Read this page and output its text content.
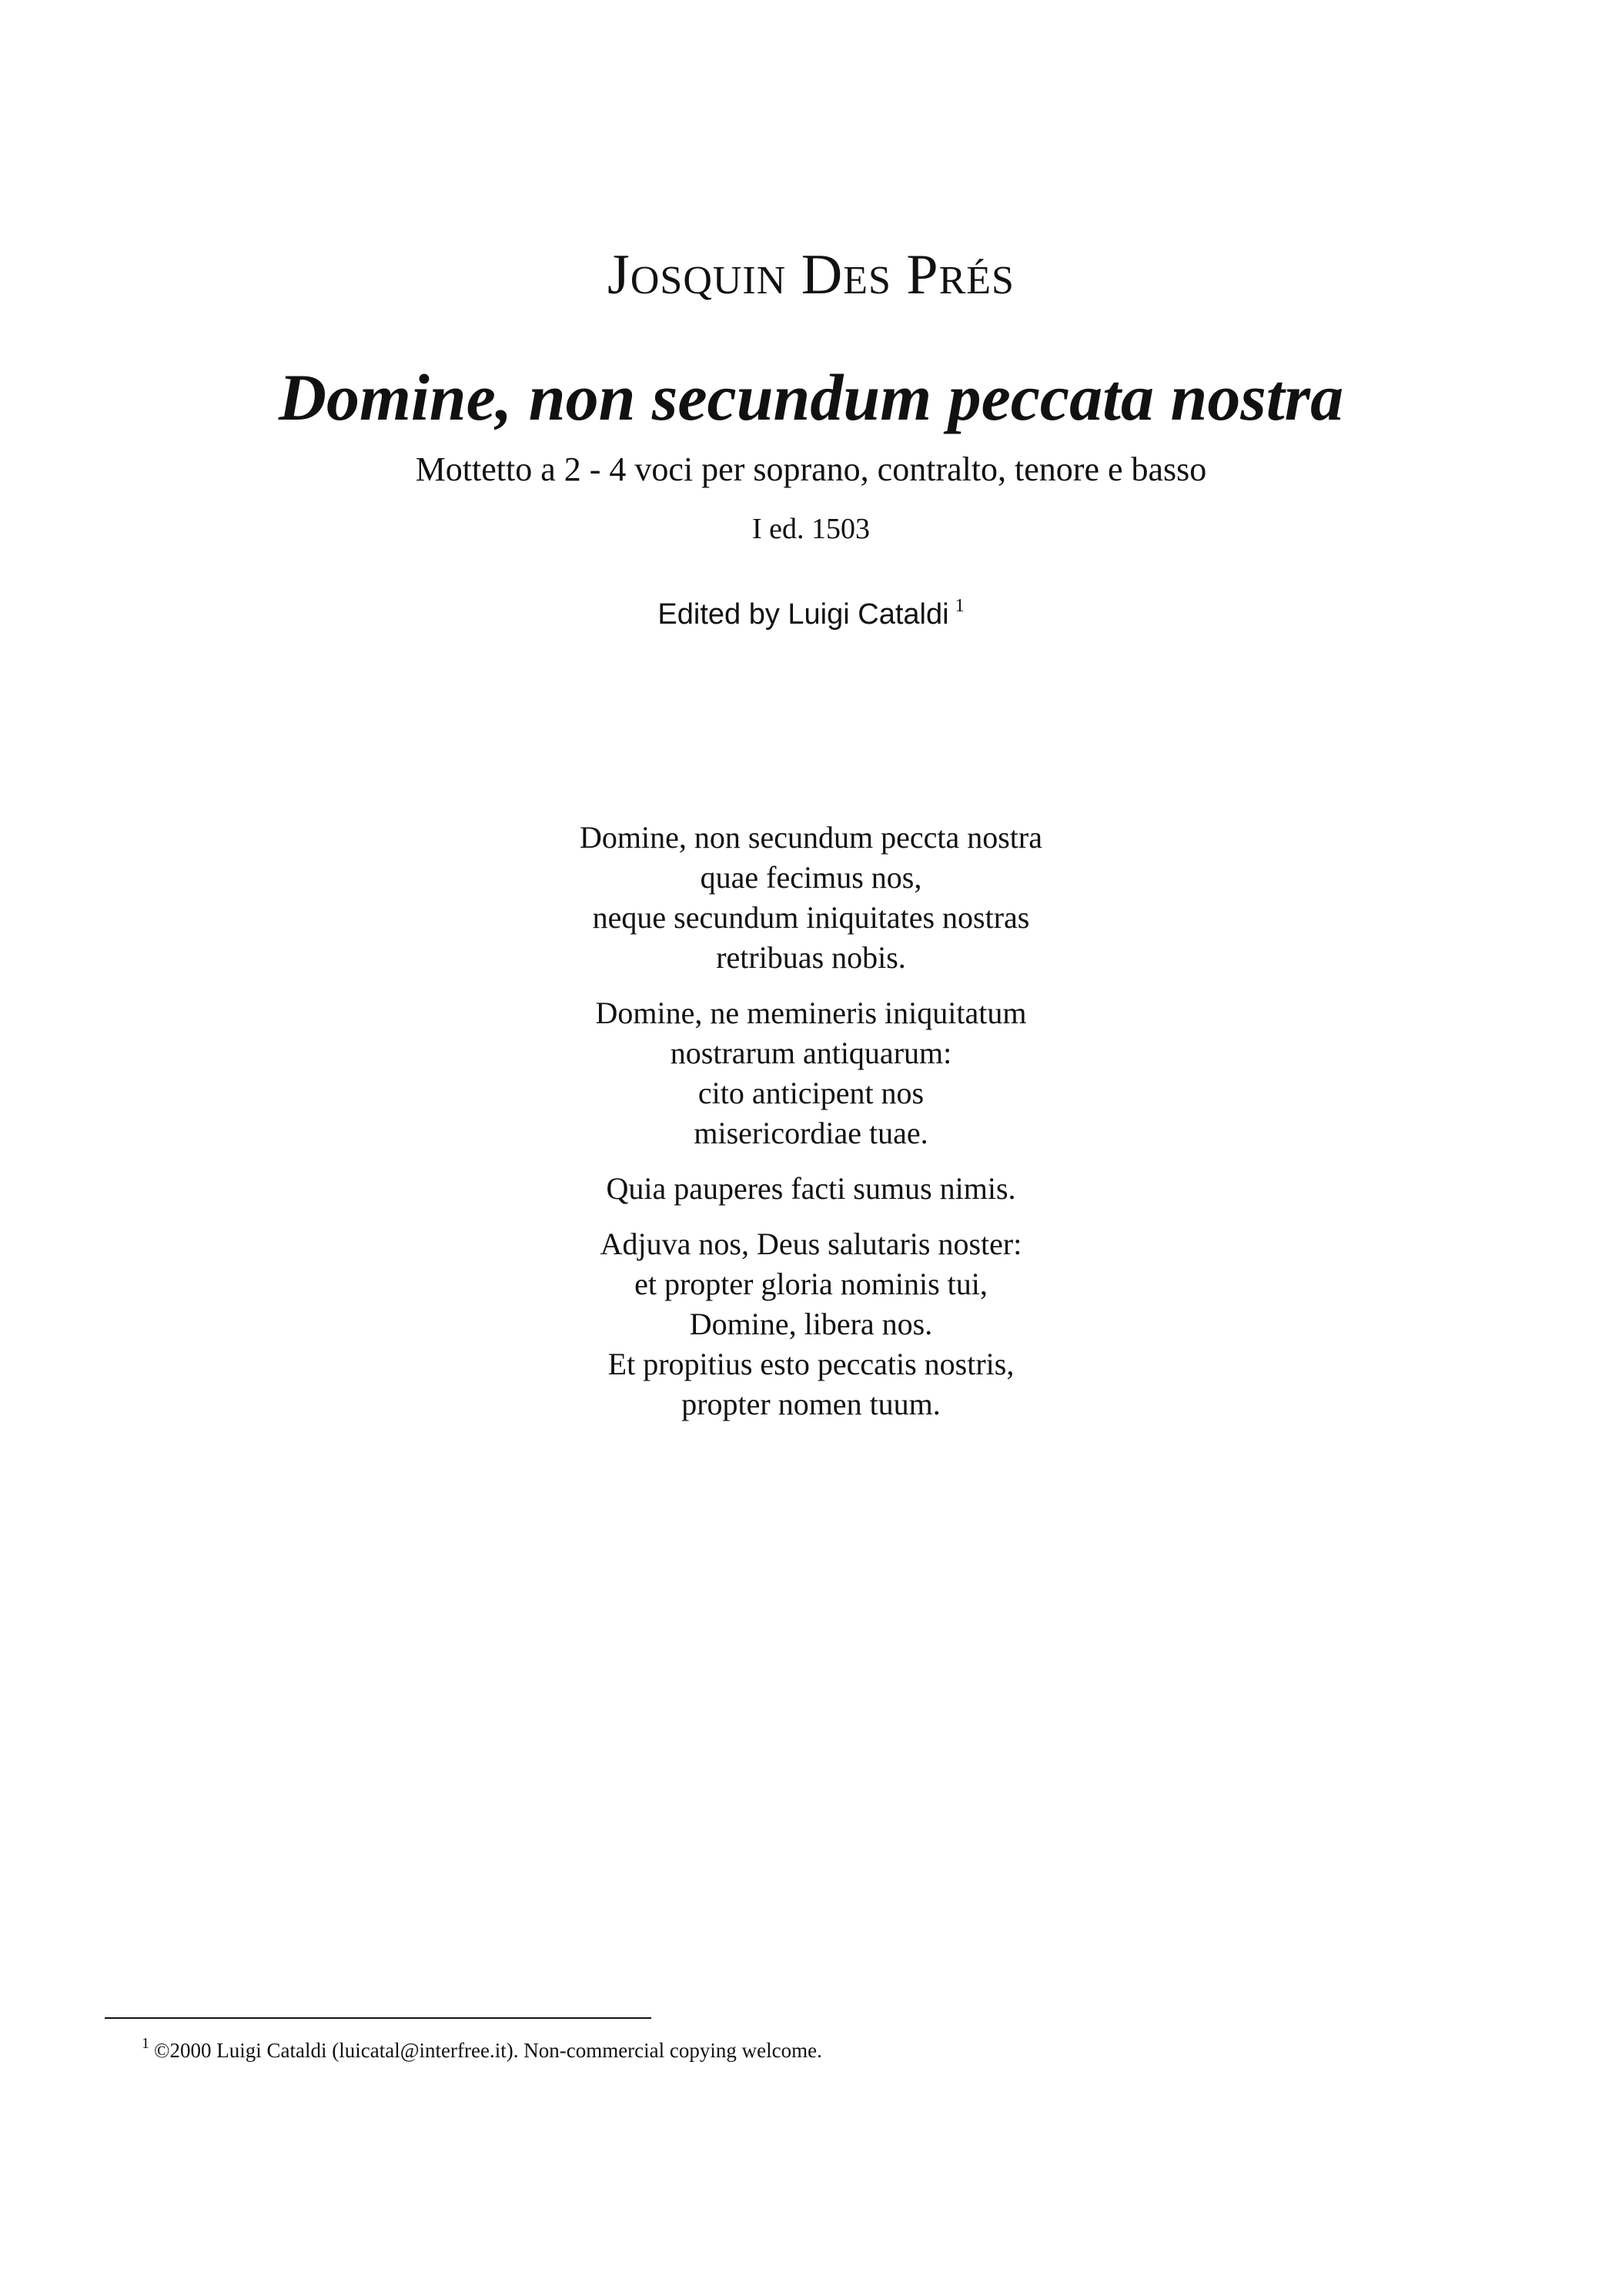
Josquin Des Prés
Domine, non secundum peccata nostra
Mottetto a 2 - 4 voci per soprano, contralto, tenore e basso
I ed. 1503
Edited by Luigi Cataldi $^1$
Domine, non secundum peccta nostra
quae fecimus nos,
neque secundum iniquitates nostras
retribuas nobis.
Domine, ne memineris iniquitatum
nostrarum antiquarum:
cito anticipent nos
misericordiae tuae.
Quia pauperes facti sumus nimis.
Adjuva nos, Deus salutaris noster:
et propter gloria nominis tui,
Domine, libera nos.
Et propitius esto peccatis nostris,
propter nomen tuum.
$^1$ ©2000 Luigi Cataldi (luicatal@interfree.it). Non-commercial copying welcome.
